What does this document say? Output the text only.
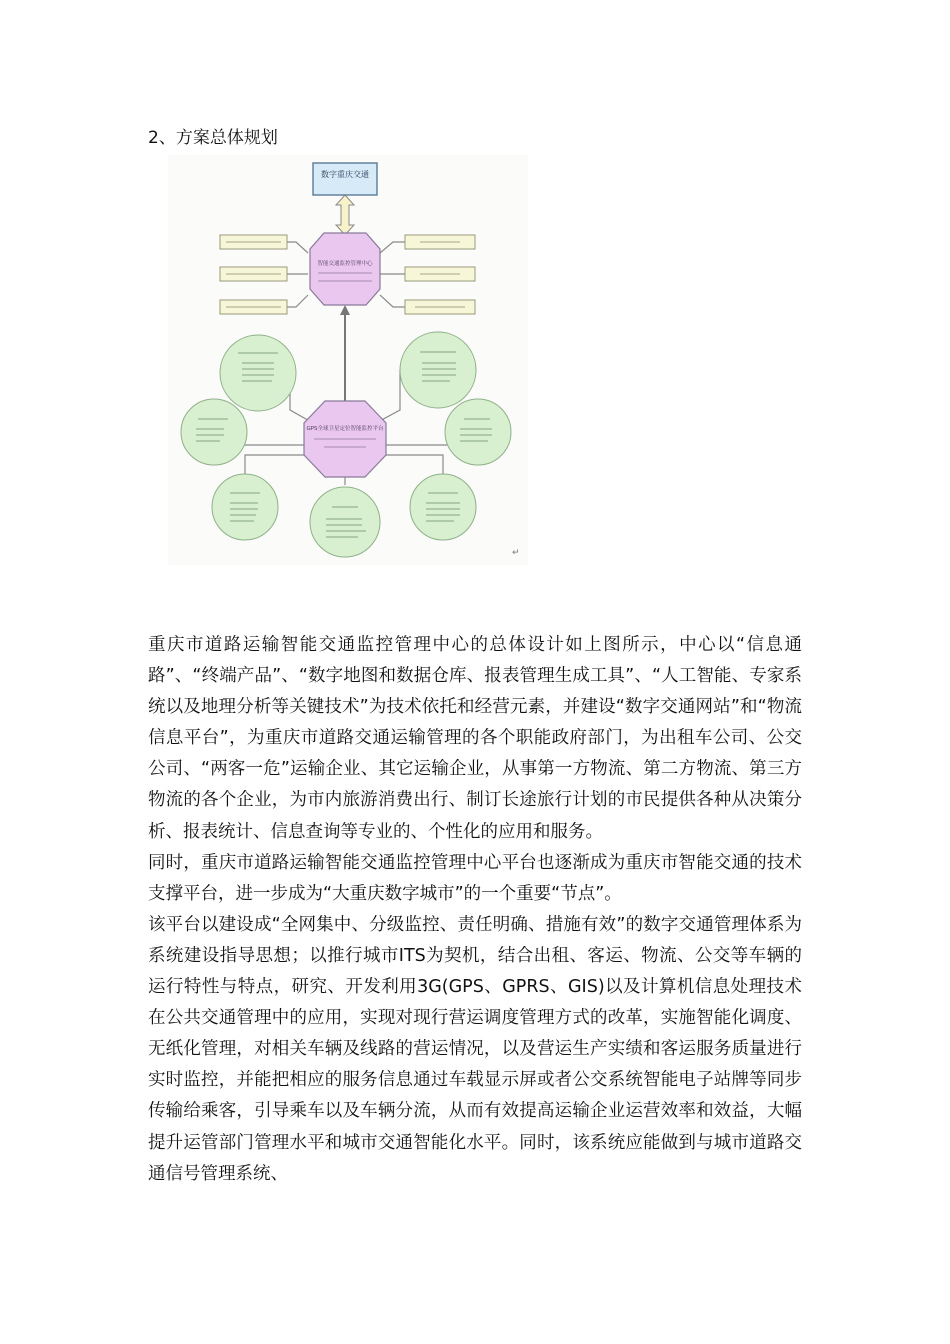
2、方案总体规划
数字重庆交通
智能交通监控管理中心
GPS全球卫星定位智能监控平台
↵

重庆市道路运输智能交通监控管理中心的总体设计如上图所示，中心以“信息通路”、“终端产品”、“数字地图和数据仓库、报表管理生成工具”、“人工智能、专家系统以及地理分析等关键技术”为技术依托和经营元素，并建设“数字交通网站”和“物流信息平台”，为重庆市道路交通运输管理的各个职能政府部门，为出租车公司、公交公司、“两客一危”运输企业、其它运输企业，从事第一方物流、第二方物流、第三方物流的各个企业，为市内旅游消费出行、制订长途旅行计划的市民提供各种从决策分析、报表统计、信息查询等专业的、个性化的应用和服务。

同时，重庆市道路运输智能交通监控管理中心平台也逐渐成为重庆市智能交通的技术支撑平台，进一步成为“大重庆数字城市”的一个重要“节点”。

该平台以建设成“全网集中、分级监控、责任明确、措施有效”的数字交通管理体系为系统建设指导思想；以推行城市ITS为契机，结合出租、客运、物流、公交等车辆的运行特性与特点，研究、开发利用3G(GPS、GPRS、GIS)以及计算机信息处理技术在公共交通管理中的应用，实现对现行营运调度管理方式的改革，实施智能化调度、无纸化管理，对相关车辆及线路的营运情况，以及营运生产实绩和客运服务质量进行实时监控，并能把相应的服务信息通过车载显示屏或者公交系统智能电子站牌等同步传输给乘客，引导乘车以及车辆分流，从而有效提高运输企业运营效率和效益，大幅提升运管部门管理水平和城市交通智能化水平。同时，该系统应能做到与城市道路交通信号管理系统、
